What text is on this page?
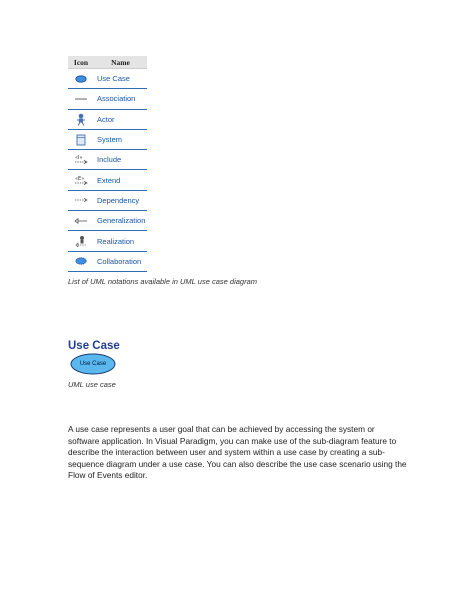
Icon	Name
Use Case
Association
Actor
System
«I»	Include
«E»	Extend
Dependency
Generalization
Realization
Collaboration
List of UML notations available in UML use case diagram
Use Case
Use Case
UML use case
A use case represents a user goal that can be achieved by accessing the system or software application. In Visual Paradigm, you can make use of the sub-diagram feature to describe the interaction between user and system within a use case by creating a sub-sequence diagram under a use case. You can also describe the use case scenario using the Flow of Events editor.
